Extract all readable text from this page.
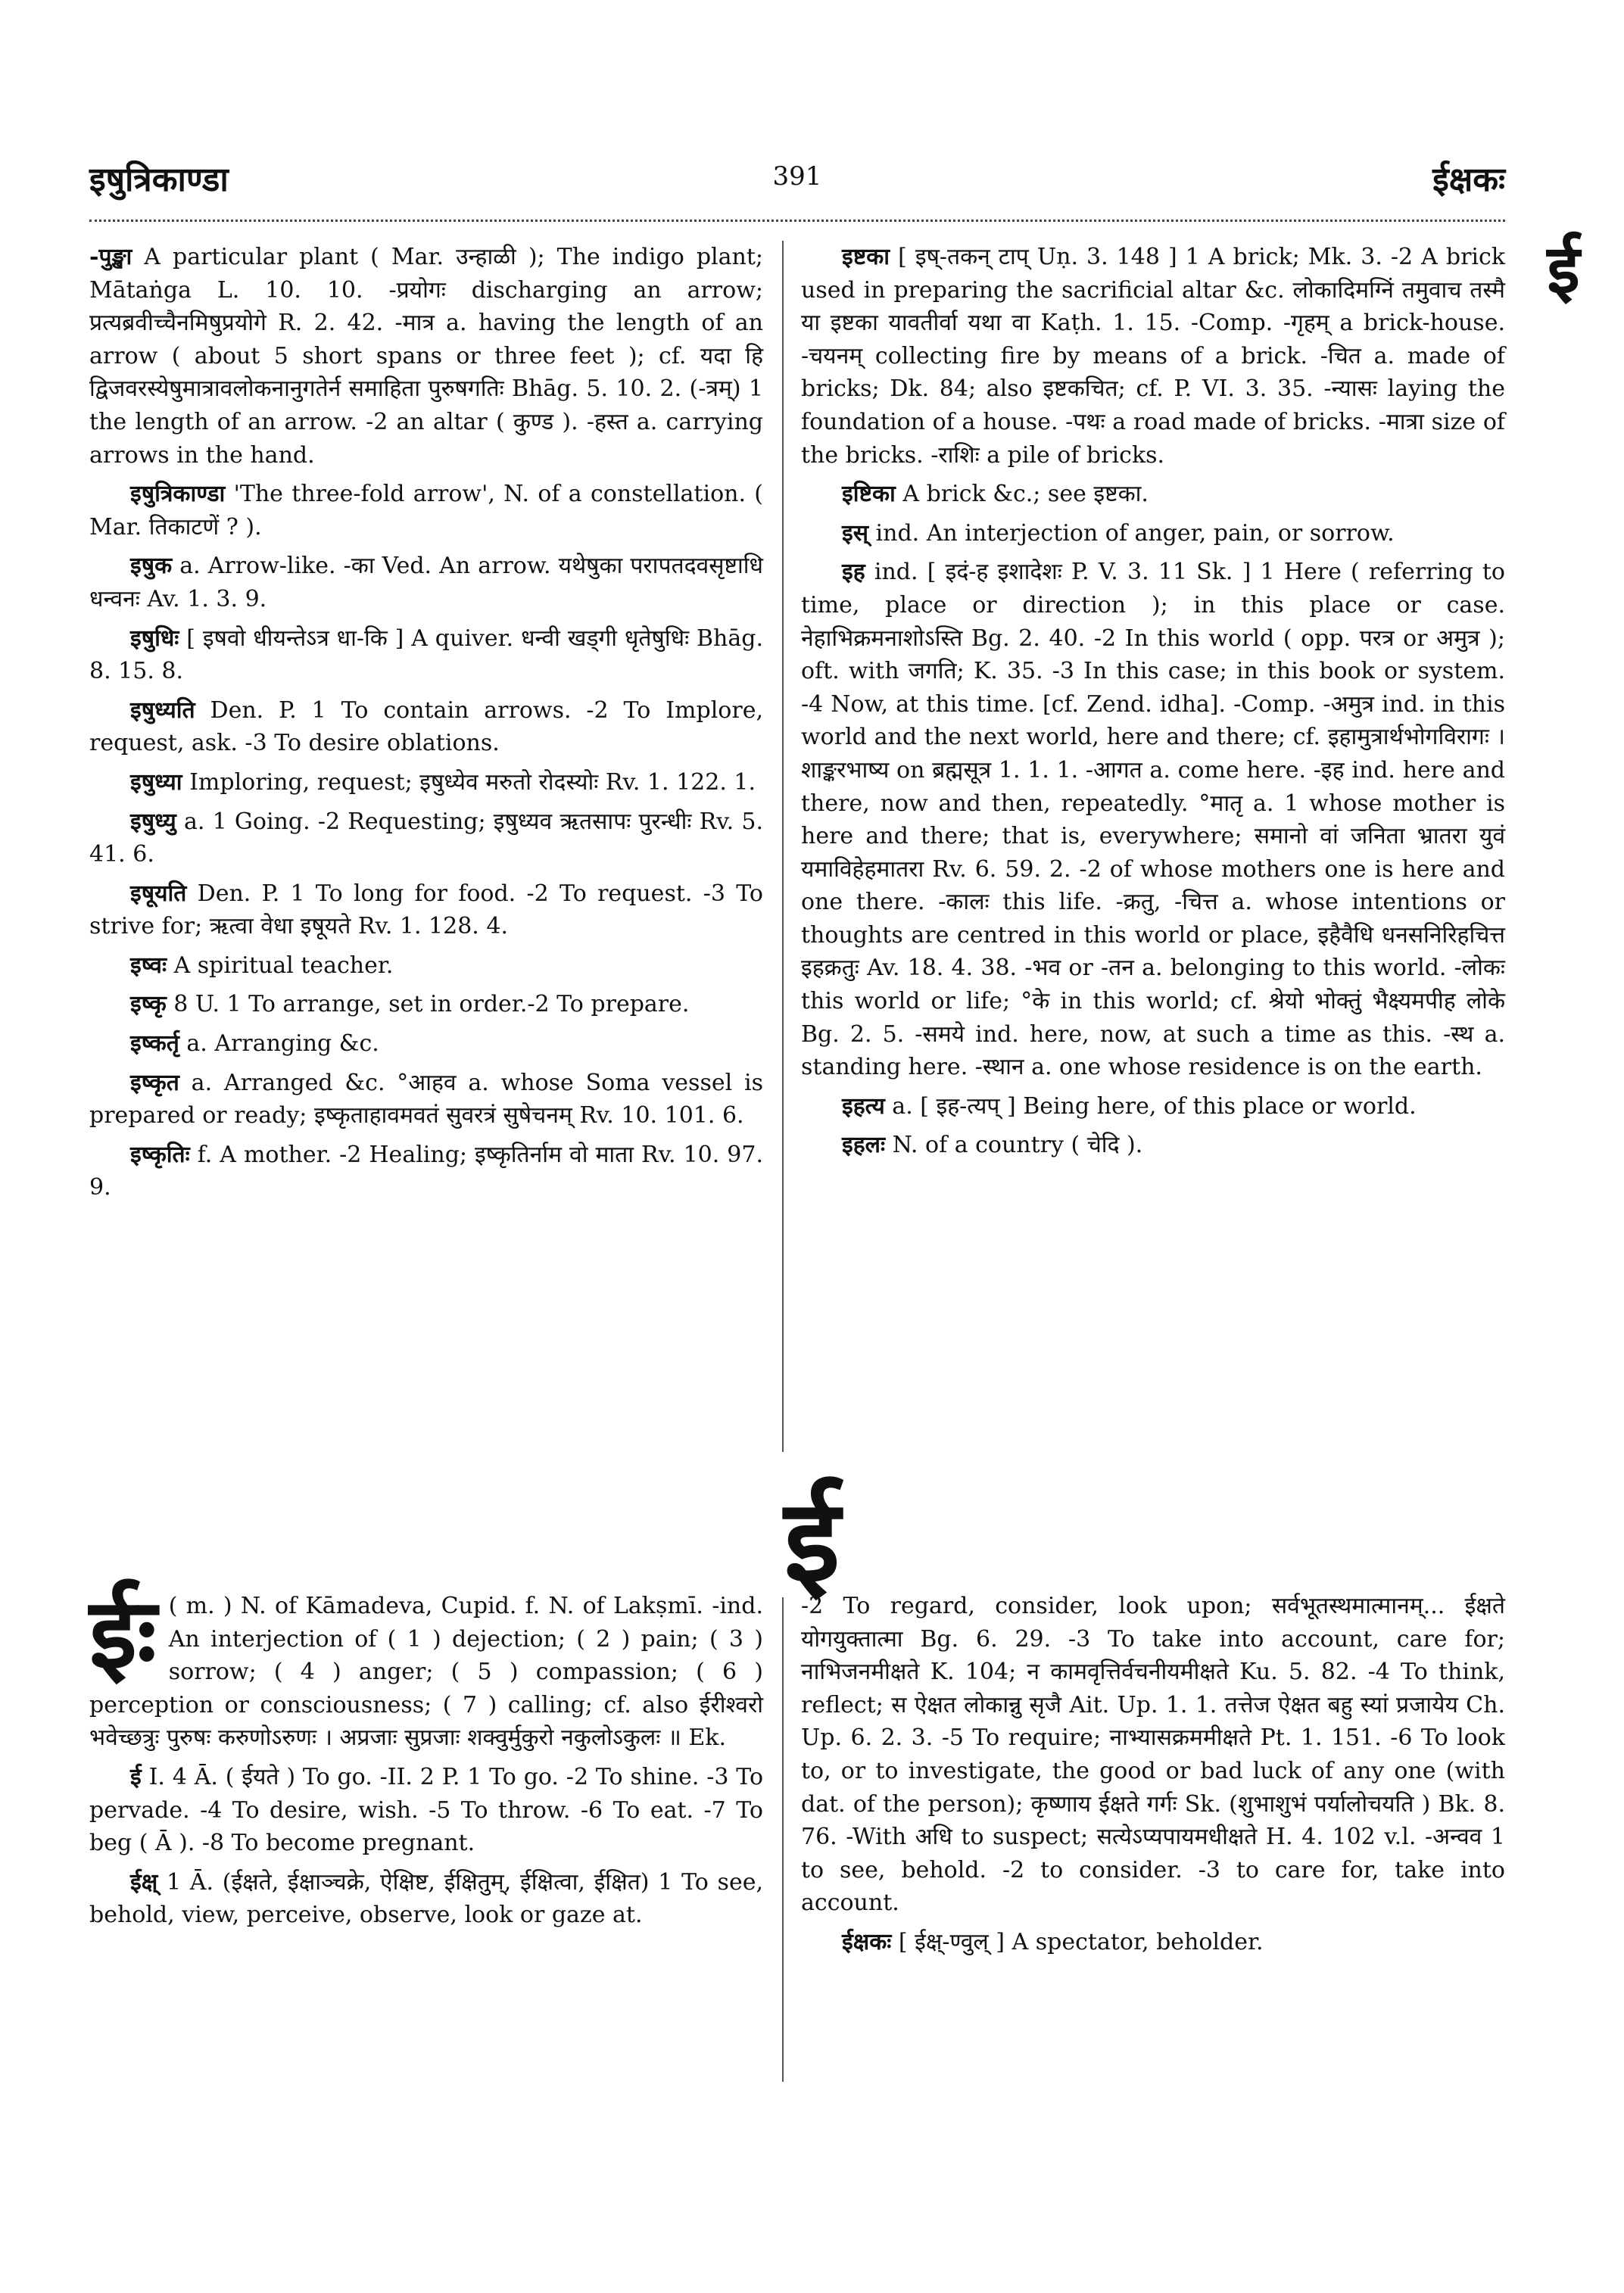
इषुत्रिकाण्डा	391	ईक्षकः
ई

-पुङ्खा A particular plant ( Mar. उन्हाळी ); The indigo plant; Mātaṅga L. 10. 10. -प्रयोगः discharging an arrow; प्रत्यब्रवीच्चैनमिषुप्रयोगे R. 2. 42. -मात्र a. having the length of an arrow ( about 5 short spans or three feet ); cf. यदा हि द्विजवरस्येषुमात्रावलोकनानुगतेर्न समाहिता पुरुषगतिः Bhāg. 5. 10. 2. (-त्रम्) 1 the length of an arrow. -2 an altar ( कुण्ड ). -हस्त a. carrying arrows in the hand.

इषुत्रिकाण्डा 'The three-fold arrow', N. of a constellation. ( Mar. तिकाटणें ? ).

इषुक a. Arrow-like. -का Ved. An arrow. यथेषुका परापतदवसृष्टाधि धन्वनः Av. 1. 3. 9.

इषुधिः [ इषवो धीयन्तेऽत्र धा-कि ] A quiver. धन्वी खड्गी धृतेषुधिः Bhāg. 8. 15. 8.

इषुध्यति Den. P. 1 To contain arrows. -2 To Implore, request, ask. -3 To desire oblations.

इषुध्या Imploring, request; इषुध्येव मरुतो रोदस्योः Rv. 1. 122. 1.

इषुध्यु a. 1 Going. -2 Requesting; इषुध्यव ऋतसापः पुरन्धीः Rv. 5. 41. 6.

इषूयति Den. P. 1 To long for food. -2 To request. -3 To strive for; ऋत्वा वेधा इषूयते Rv. 1. 128. 4.

इष्वः A spiritual teacher.

इष्कृ 8 U. 1 To arrange, set in order.-2 To prepare.

इष्कर्तृ a. Arranging &c.

इष्कृत a. Arranged &c. °आहव a. whose Soma vessel is prepared or ready; इष्कृताहावमवतं सुवरत्रं सुषेचनम् Rv. 10. 101. 6.

इष्कृतिः f. A mother. -2 Healing; इष्कृतिर्नाम वो माता Rv. 10. 97. 9.

इष्टका [ इष्-तकन् टाप् Uṇ. 3. 148 ] 1 A brick; Mk. 3. -2 A brick used in preparing the sacrificial altar &c. लोकादिमग्निं तमुवाच तस्मै या इष्टका यावतीर्वा यथा वा Kaṭh. 1. 15. -Comp. -गृहम् a brick-house. -चयनम् collecting fire by means of a brick. -चित a. made of bricks; Dk. 84; also इष्टकचित; cf. P. VI. 3. 35. -न्यासः laying the foundation of a house. -पथः a road made of bricks. -मात्रा size of the bricks. -राशिः a pile of bricks.

इष्टिका A brick &c.; see इष्टका.

इस् ind. An interjection of anger, pain, or sorrow.

इह ind. [ इदं-ह इशादेशः P. V. 3. 11 Sk. ] 1 Here ( referring to time, place or direction ); in this place or case. नेहाभिक्रमनाशोऽस्ति Bg. 2. 40. -2 In this world ( opp. परत्र or अमुत्र ); oft. with जगति; K. 35. -3 In this case; in this book or system. -4 Now, at this time. [cf. Zend. idha]. -Comp. -अमुत्र ind. in this world and the next world, here and there; cf. इहामुत्रार्थभोगविरागः । शाङ्करभाष्य on ब्रह्मसूत्र 1. 1. 1. -आगत a. come here. -इह ind. here and there, now and then, repeatedly. °मातृ a. 1 whose mother is here and there; that is, everywhere; समानो वां जनिता भ्रातरा युवं यमाविहेहमातरा Rv. 6. 59. 2. -2 of whose mothers one is here and one there. -कालः this life. -क्रतु, -चित्त a. whose intentions or thoughts are centred in this world or place, इहैवैधि धनसनिरिहचित्त इहक्रतुः Av. 18. 4. 38. -भव or -तन a. belonging to this world. -लोकः this world or life; °के in this world; cf. श्रेयो भोक्तुं भैक्ष्यमपीह लोके Bg. 2. 5. -समये ind. here, now, at such a time as this. -स्थ a. standing here. -स्थान a. one whose residence is on the earth.

इहत्य a. [ इह-त्यप् ] Being here, of this place or world.

इहलः N. of a country ( चेदि ).

ई

ईः ( m. ) N. of Kāmadeva, Cupid. f. N. of Lakṣmī. -ind. An interjection of ( 1 ) dejection; ( 2 ) pain; ( 3 ) sorrow; ( 4 ) anger; ( 5 ) compassion; ( 6 ) perception or consciousness; ( 7 ) calling; cf. also ईरीश्वरो भवेच्छत्रुः पुरुषः करुणोऽरुणः । अप्रजाः सुप्रजाः शक्वुर्मुकुरो नकुलोऽकुलः ॥ Ek.

ई I. 4 Ā. ( ईयते ) To go. -II. 2 P. 1 To go. -2 To shine. -3 To pervade. -4 To desire, wish. -5 To throw. -6 To eat. -7 To beg ( Ā ). -8 To become pregnant.

ईक्ष् 1 Ā. (ईक्षते, ईक्षाञ्चक्रे, ऐक्षिष्ट, ईक्षितुम्, ईक्षित्वा, ईक्षित) 1 To see, behold, view, perceive, observe, look or gaze at.

-2 To regard, consider, look upon; सर्वभूतस्थमात्मानम्... ईक्षते योगयुक्तात्मा Bg. 6. 29. -3 To take into account, care for; नाभिजनमीक्षते K. 104; न कामवृत्तिर्वचनीयमीक्षते Ku. 5. 82. -4 To think, reflect; स ऐक्षत लोकान्नु सृजै Ait. Up. 1. 1. तत्तेज ऐक्षत बहु स्यां प्रजायेय Ch. Up. 6. 2. 3. -5 To require; नाभ्यासक्रममीक्षते Pt. 1. 151. -6 To look to, or to investigate, the good or bad luck of any one (with dat. of the person); कृष्णाय ईक्षते गर्गः Sk. (शुभाशुभं पर्यालोचयति ) Bk. 8. 76. -With अधि to suspect; सत्येऽप्यपायमधीक्षते H. 4. 102 v.l. -अन्वव 1 to see, behold. -2 to consider. -3 to care for, take into account.

ईक्षकः [ ईक्ष्-ण्वुल् ] A spectator, beholder.
